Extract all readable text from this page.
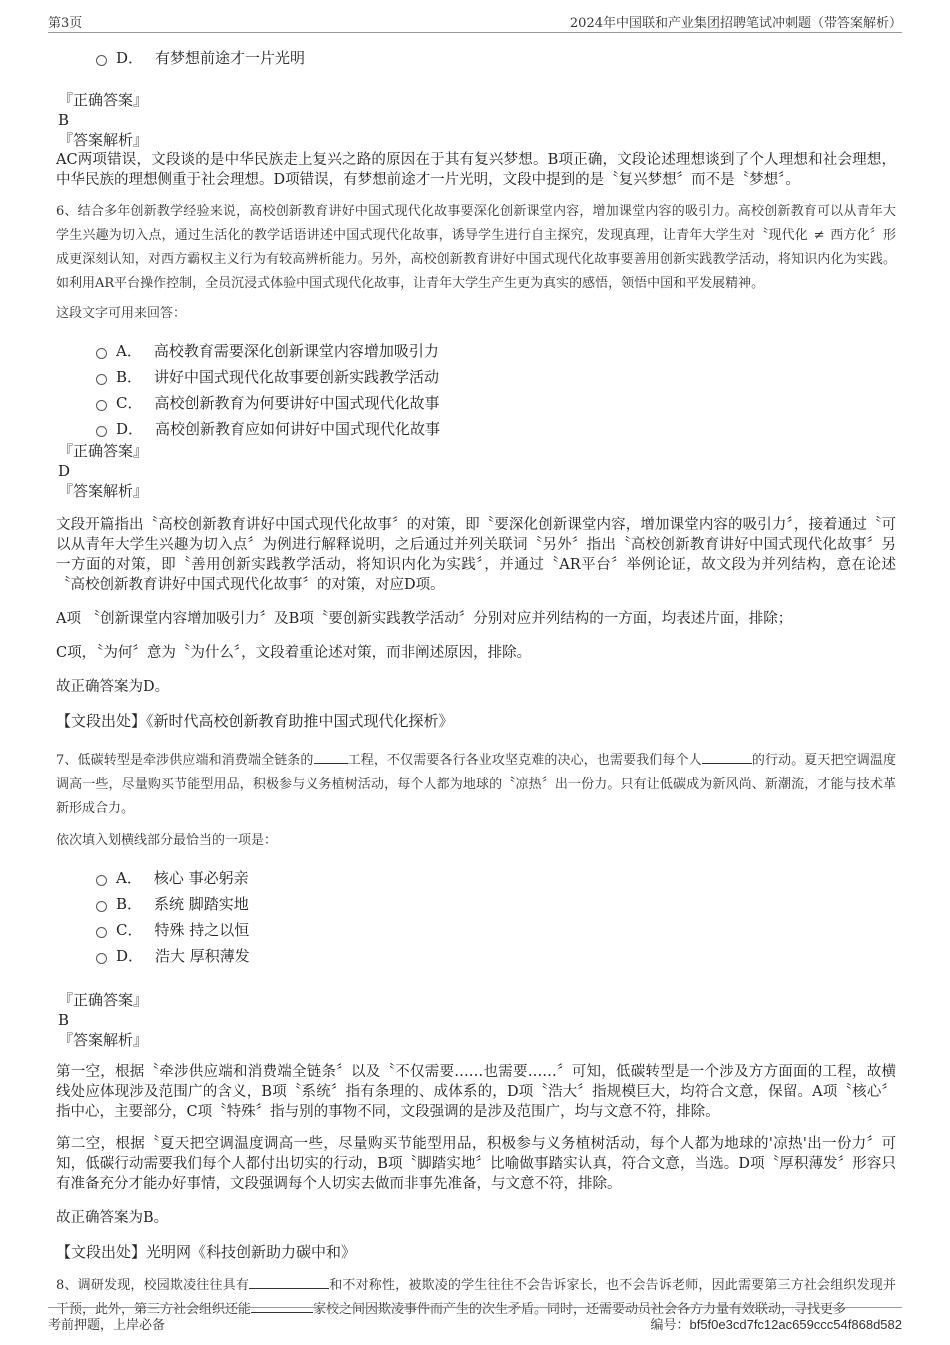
第3页	2024年中国联和产业集团招聘笔试冲刺题（带答案解析）
D． 有梦想前途才一片光明
『正确答案』
B
『答案解析』

AC两项错误，文段谈的是中华民族走上复兴之路的原因在于其有复兴梦想。B项正确，文段论述理想谈到了个人理想和社会理想，中华民族的理想侧重于社会理想。D项错误，有梦想前途才一片光明，文段中提到的是〝复兴梦想〞而不是〝梦想〞。

6、结合多年创新教学经验来说，高校创新教育讲好中国式现代化故事要深化创新课堂内容，增加课堂内容的吸引力。高校创新教育可以从青年大学生兴趣为切入点，通过生活化的教学话语讲述中国式现代化故事，诱导学生进行自主探究，发现真理，让青年大学生对〝现代化 ≠ 西方化〞形成更深刻认知，对西方霸权主义行为有较高辨析能力。另外，高校创新教育讲好中国式现代化故事要善用创新实践教学活动，将知识内化为实践。如利用AR平台操作控制，全员沉浸式体验中国式现代化故事，让青年大学生产生更为真实的感悟，领悟中国和平发展精神。

这段文字可用来回答：

A． 高校教育需要深化创新课堂内容增加吸引力
B． 讲好中国式现代化故事要创新实践教学活动
C． 高校创新教育为何要讲好中国式现代化故事
D． 高校创新教育应如何讲好中国式现代化故事
『正确答案』
D
『答案解析』

文段开篇指出〝高校创新教育讲好中国式现代化故事〞的对策，即〝要深化创新课堂内容，增加课堂内容的吸引力〞，接着通过〝可以从青年大学生兴趣为切入点〞为例进行解释说明，之后通过并列关联词〝另外〞指出〝高校创新教育讲好中国式现代化故事〞另一方面的对策，即〝善用创新实践教学活动，将知识内化为实践〞，并通过〝AR平台〞举例论证，故文段为并列结构，意在论述〝高校创新教育讲好中国式现代化故事〞的对策，对应D项。

A项 〝创新课堂内容增加吸引力〞及B项〝要创新实践教学活动〞分别对应并列结构的一方面，均表述片面，排除；

C项，〝为何〞意为〝为什么〞，文段着重论述对策，而非阐述原因，排除。

故正确答案为D。

【文段出处】《新时代高校创新教育助推中国式现代化探析》

7、低碳转型是牵涉供应端和消费端全链条的	工程，不仅需要各行各业攻坚克难的决心，也需要我们每个人	的行动。夏天把空调温度调高一些，尽量购买节能型用品，积极参与义务植树活动，每个人都为地球的〝凉热〞出一份力。只有让低碳成为新风尚、新潮流，才能与技术革新形成合力。

依次填入划横线部分最恰当的一项是：

A． 核心 事必躬亲
B． 系统 脚踏实地
C． 特殊 持之以恒
D． 浩大 厚积薄发
『正确答案』
B
『答案解析』

第一空，根据〝牵涉供应端和消费端全链条〞以及〝不仅需要……也需要……〞可知，低碳转型是一个涉及方方面面的工程，故横线处应体现涉及范围广的含义，B项〝系统〞指有条理的、成体系的，D项〝浩大〞指规模巨大，均符合文意，保留。A项〝核心〞指中心，主要部分，C项〝特殊〞指与别的事物不同，文段强调的是涉及范围广，均与文意不符，排除。

第二空，根据〝夏天把空调温度调高一些，尽量购买节能型用品，积极参与义务植树活动，每个人都为地球的'凉热'出一份力〞可知，低碳行动需要我们每个人都付出切实的行动，B项〝脚踏实地〞比喻做事踏实认真，符合文意，当选。D项〝厚积薄发〞形容只有准备充分才能办好事情，文段强调每个人切实去做而非事先准备，与文意不符，排除。

故正确答案为B。

【文段出处】光明网《科技创新助力碳中和》

8、调研发现，校园欺凌往往具有	和不对称性，被欺凌的学生往往不会告诉家长，也不会告诉老师，因此需要第三方社会组织发现并干预，此外，第三方社会组织还能	家校之间因欺凌事件而产生的次生矛盾。同时，还需要动员社会各方力量有效联动，寻找更多

考前押题，上岸必备	编号：bf5f0e3cd7fc12ac659ccc54f868d582
